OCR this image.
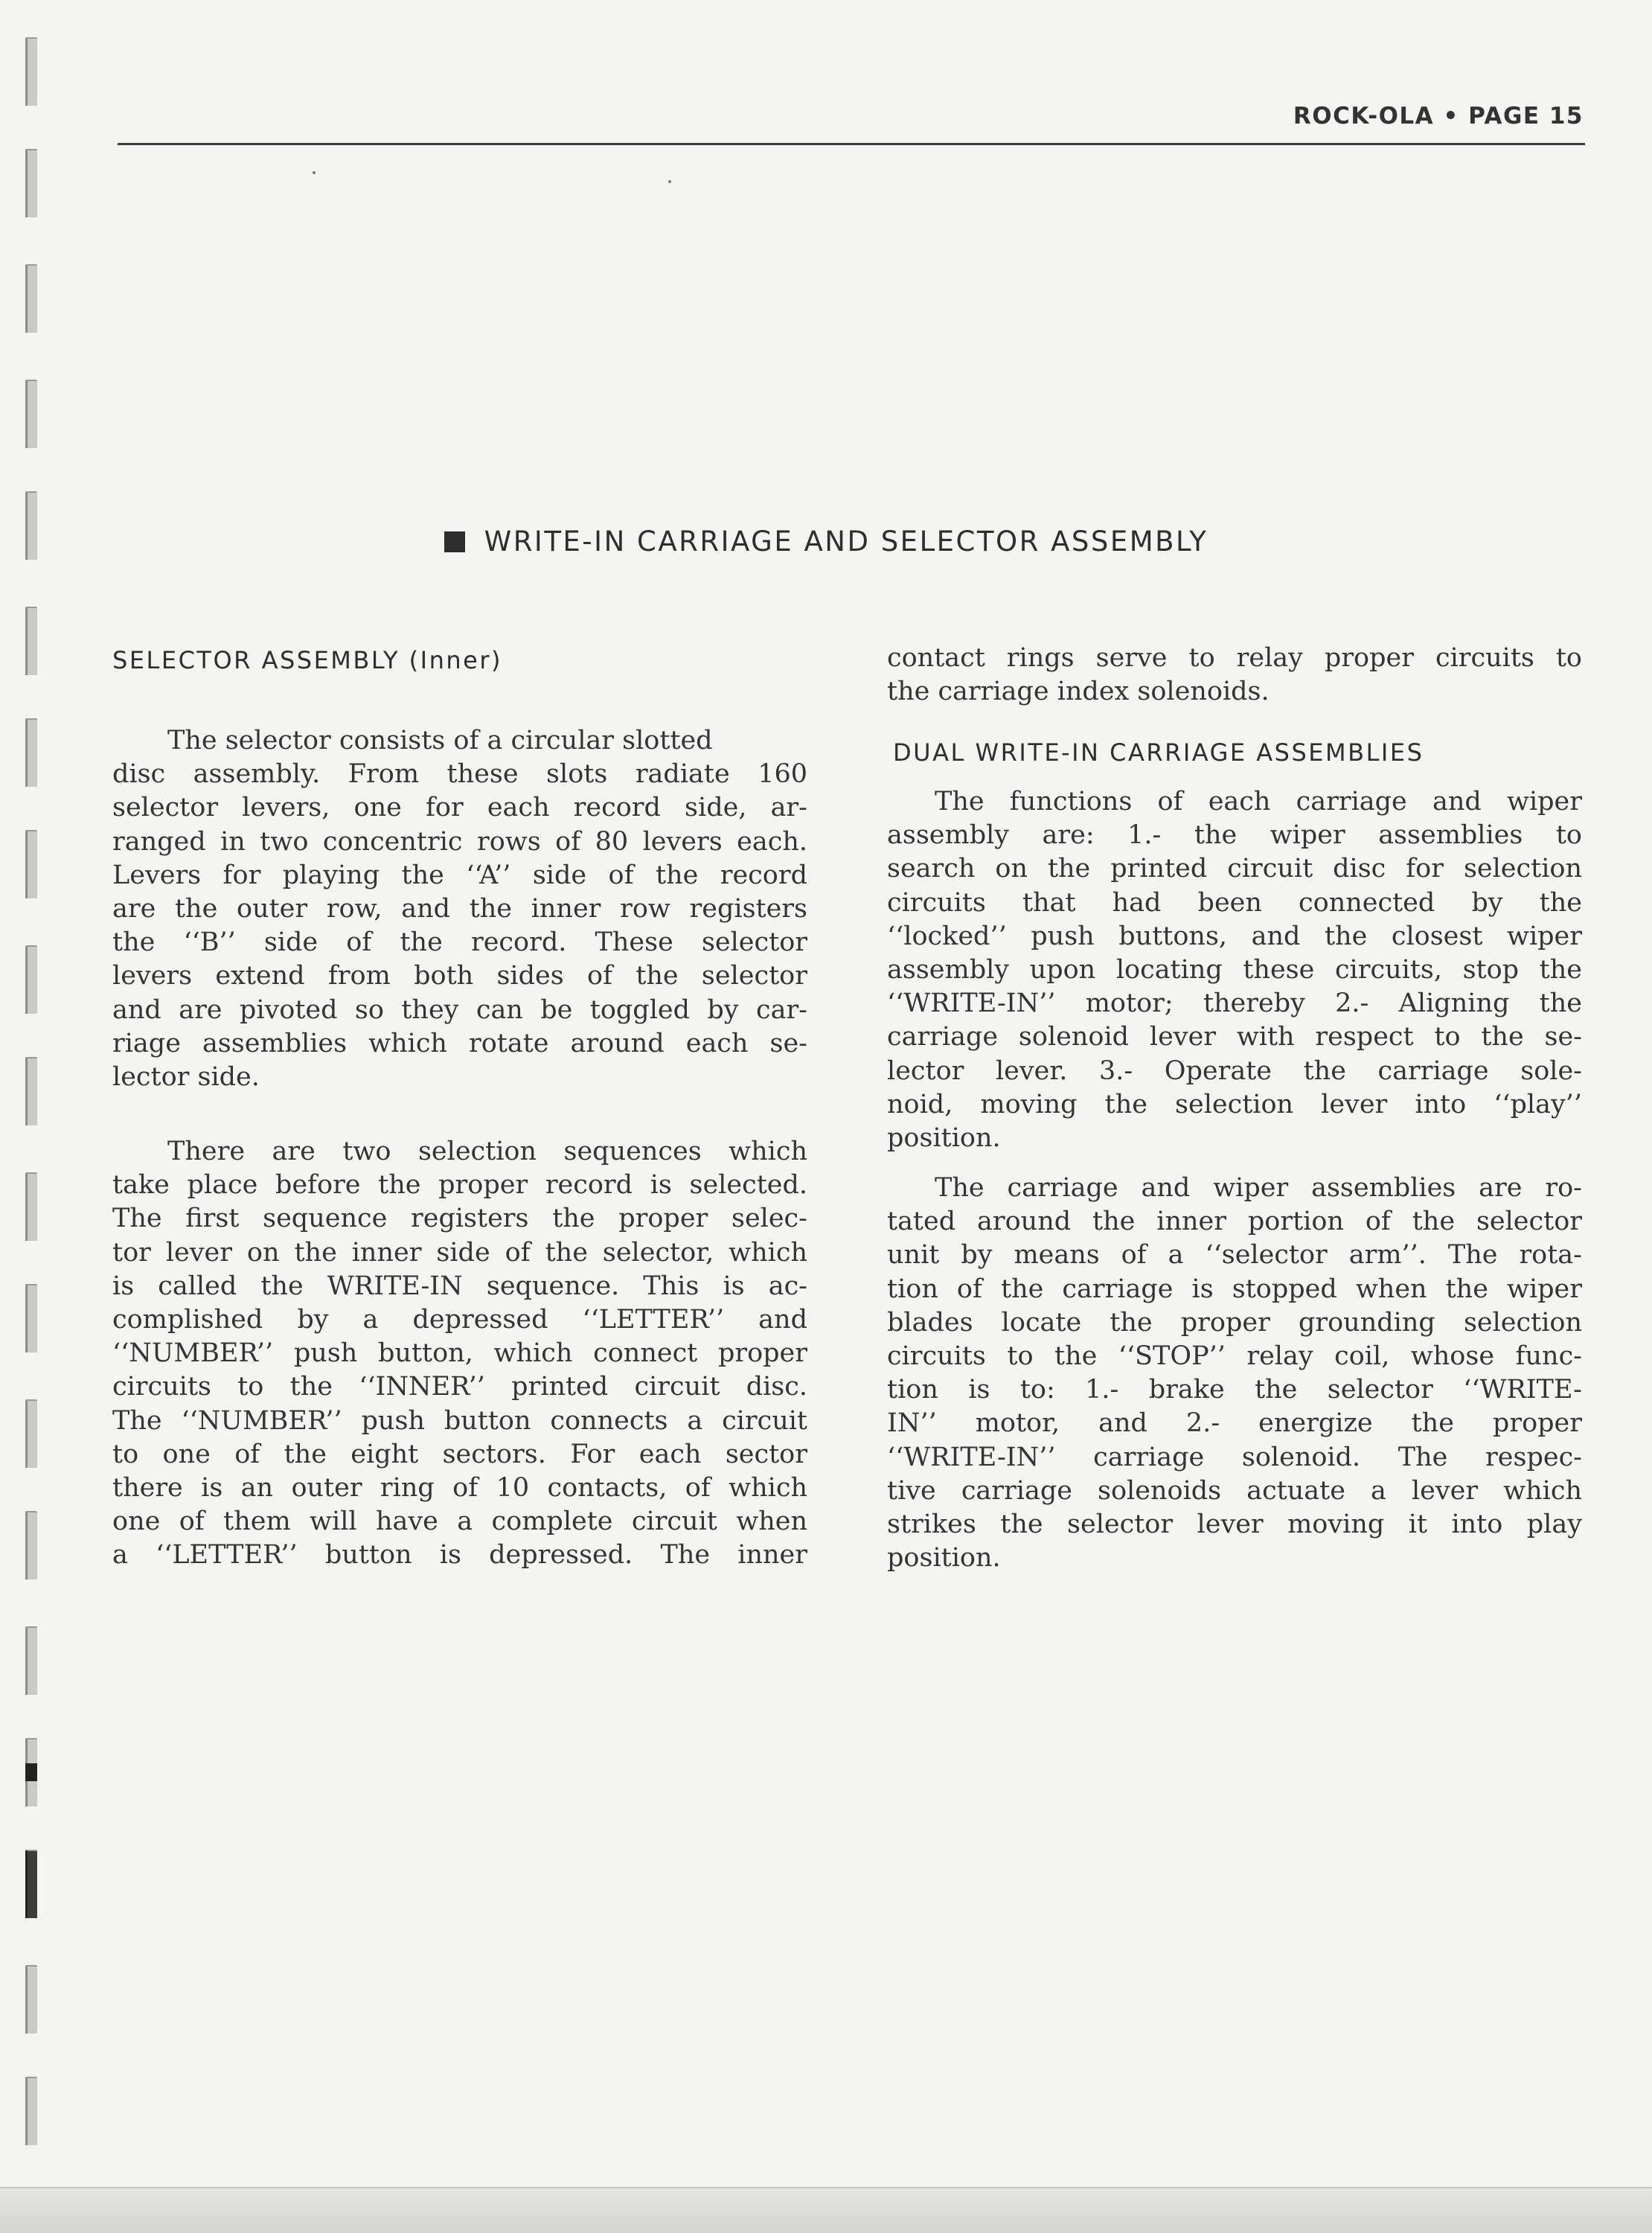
ROCK-OLA • PAGE 15
WRITE-IN CARRIAGE AND SELECTOR ASSEMBLY
SELECTOR ASSEMBLY (Inner)
The selector consists of a circular slotted
disc assembly. From these slots radiate 160
selector levers, one for each record side, ar-
ranged in two concentric rows of 80 levers each.
Levers for playing the ‘‘A’’ side of the record
are the outer row, and the inner row registers
the ‘‘B’’ side of the record. These selector
levers extend from both sides of the selector
and are pivoted so they can be toggled by car-
riage assemblies which rotate around each se-
lector side.
There are two selection sequences which
take place before the proper record is selected.
The first sequence registers the proper selec-
tor lever on the inner side of the selector, which
is called the WRITE-IN sequence. This is ac-
complished by a depressed ‘‘LETTER’’ and
‘‘NUMBER’’ push button, which connect proper
circuits to the ‘‘INNER’’ printed circuit disc.
The ‘‘NUMBER’’ push button connects a circuit
to one of the eight sectors. For each sector
there is an outer ring of 10 contacts, of which
one of them will have a complete circuit when
a ‘‘LETTER’’ button is depressed. The inner
contact rings serve to relay proper circuits to
the carriage index solenoids.
DUAL WRITE-IN CARRIAGE ASSEMBLIES
The functions of each carriage and wiper
assembly are: 1.- the wiper assemblies to
search on the printed circuit disc for selection
circuits that had been connected by the
‘‘locked’’ push buttons, and the closest wiper
assembly upon locating these circuits, stop the
‘‘WRITE-IN’’ motor; thereby 2.- Aligning the
carriage solenoid lever with respect to the se-
lector lever. 3.- Operate the carriage sole-
noid, moving the selection lever into ‘‘play’’
position.
The carriage and wiper assemblies are ro-
tated around the inner portion of the selector
unit by means of a ‘‘selector arm’’. The rota-
tion of the carriage is stopped when the wiper
blades locate the proper grounding selection
circuits to the ‘‘STOP’’ relay coil, whose func-
tion is to: 1.- brake the selector ‘‘WRITE-
IN’’ motor, and 2.- energize the proper
‘‘WRITE-IN’’ carriage solenoid. The respec-
tive carriage solenoids actuate a lever which
strikes the selector lever moving it into play
position.
